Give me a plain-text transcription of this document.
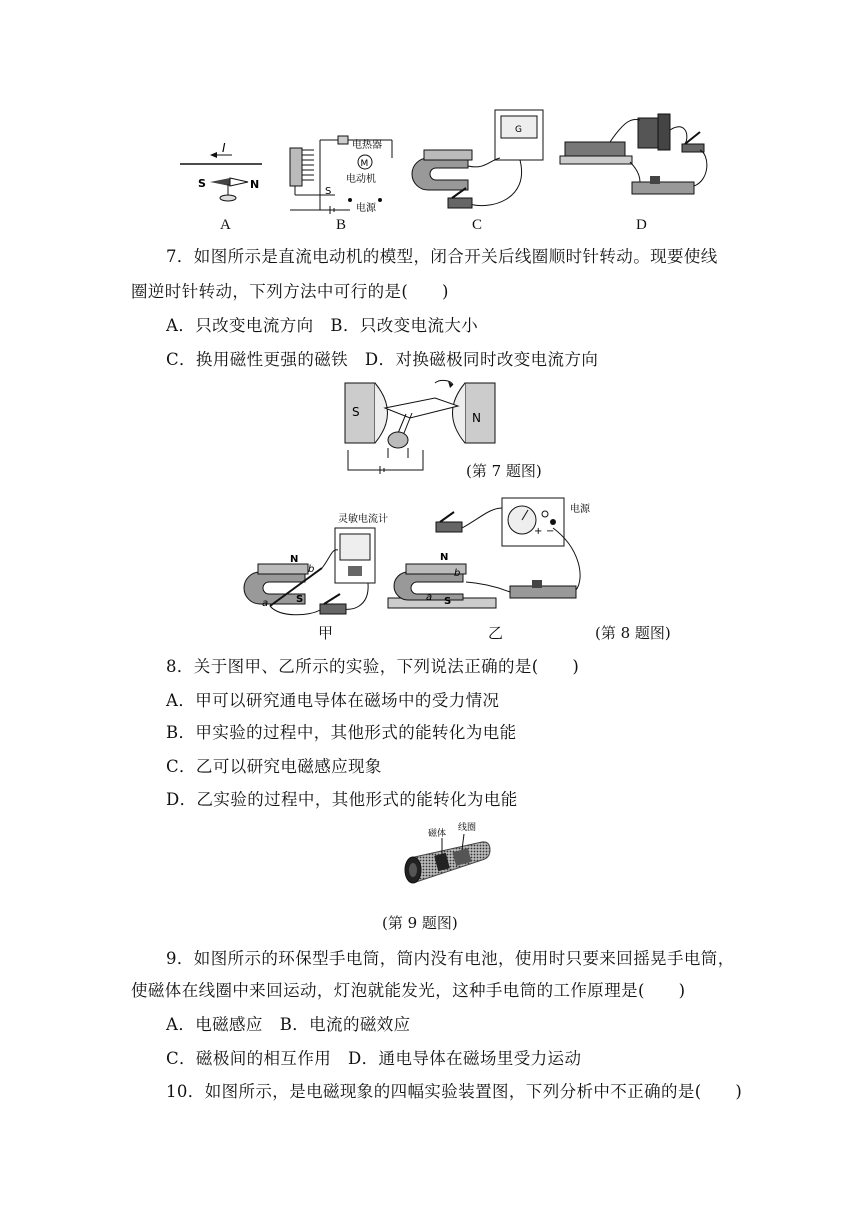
I
S	N
M
电热器
电动机
S
电源
G
A	B	C	D
7．如图所示是直流电动机的模型，闭合开关后线圈顺时针转动。现要使线
圈逆时针转动，下列方法中可行的是(　　)
A．只改变电流方向　B．只改变电流大小
C．换用磁性更强的磁铁　D．对换磁极同时改变电流方向
S	N
(第 7 题图)
N
S
a
b
灵敏电流计
电源
+ −
N
S
a
b
甲	乙	(第 8 题图)
8．关于图甲、乙所示的实验，下列说法正确的是(　　)
A．甲可以研究通电导体在磁场中的受力情况
B．甲实验的过程中，其他形式的能转化为电能
C．乙可以研究电磁感应现象
D．乙实验的过程中，其他形式的能转化为电能
磁体
线圈
(第 9 题图)
9．如图所示的环保型手电筒，筒内没有电池，使用时只要来回摇晃手电筒，
使磁体在线圈中来回运动，灯泡就能发光，这种手电筒的工作原理是(　　)
A．电磁感应　B．电流的磁效应
C．磁极间的相互作用　D．通电导体在磁场里受力运动
10．如图所示，是电磁现象的四幅实验装置图，下列分析中不正确的是(　　)
